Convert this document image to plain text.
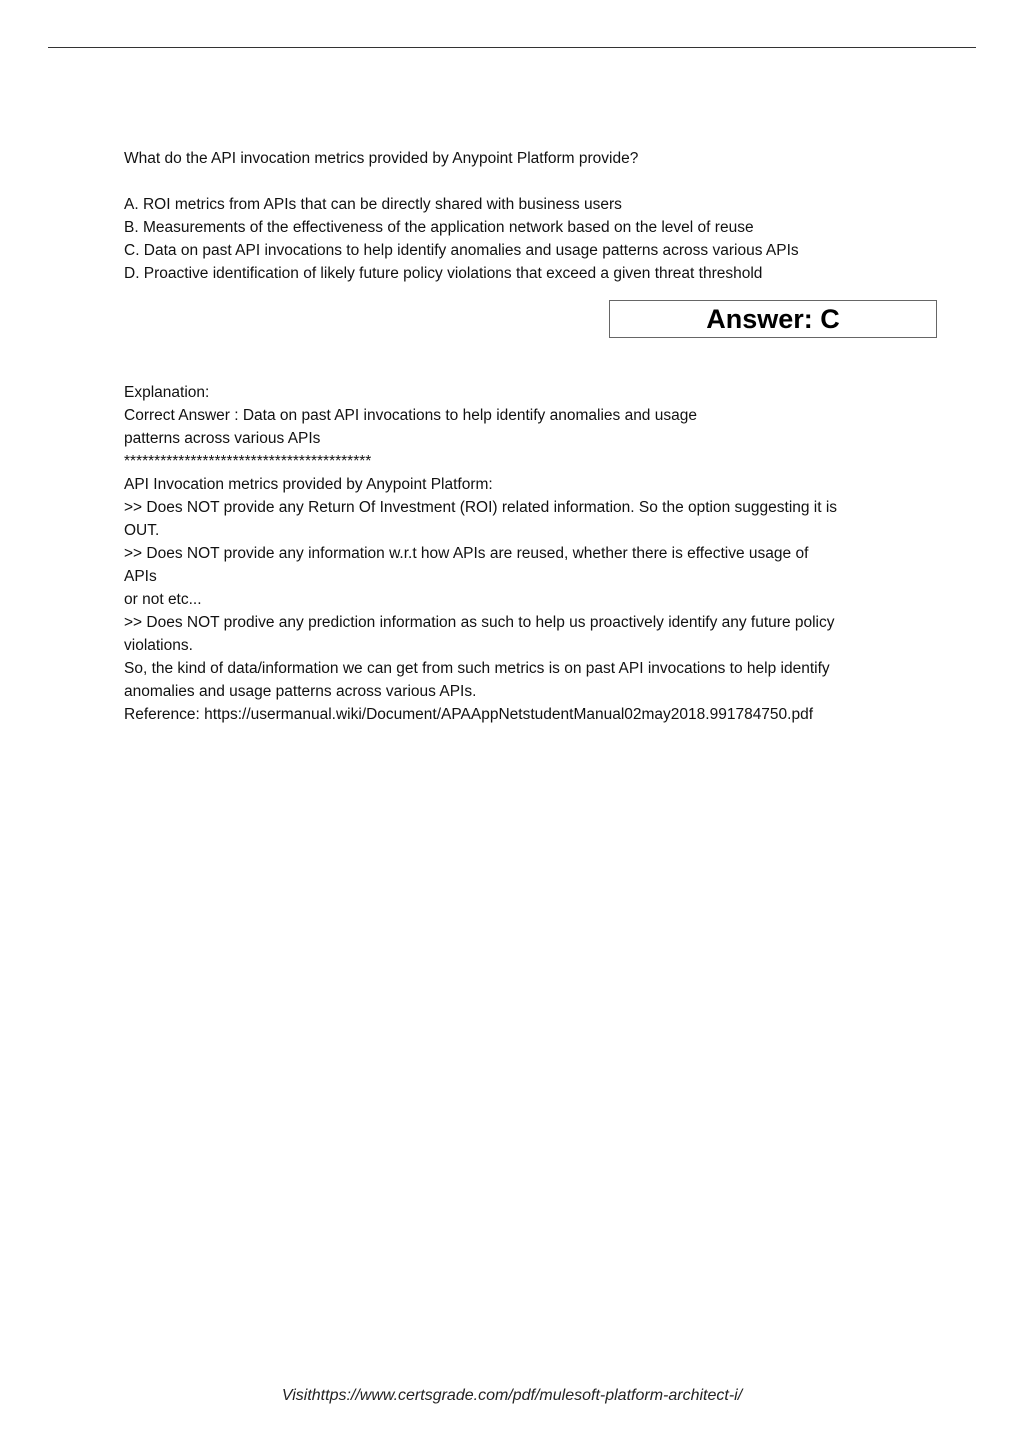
What do the API invocation metrics provided by Anypoint Platform provide?
A. ROI metrics from APIs that can be directly shared with business users
B. Measurements of the effectiveness of the application network based on the level of reuse
C. Data on past API invocations to help identify anomalies and usage patterns across various APIs
D. Proactive identification of likely future policy violations that exceed a given threat threshold
Answer: C
Explanation:
Correct Answer : Data on past API invocations to help identify anomalies and usage
patterns across various APIs
*****************************************
API Invocation metrics provided by Anypoint Platform:
>> Does NOT provide any Return Of Investment (ROI) related information. So the option suggesting it is
OUT.
>> Does NOT provide any information w.r.t how APIs are reused, whether there is effective usage of
APIs
or not etc...
>> Does NOT prodive any prediction information as such to help us proactively identify any future policy
violations.
So, the kind of data/information we can get from such metrics is on past API invocations to help identify
anomalies and usage patterns across various APIs.
Reference: https://usermanual.wiki/Document/APAAppNetstudentManual02may2018.991784750.pdf
Visithttps://www.certsgrade.com/pdf/mulesoft-platform-architect-i/
